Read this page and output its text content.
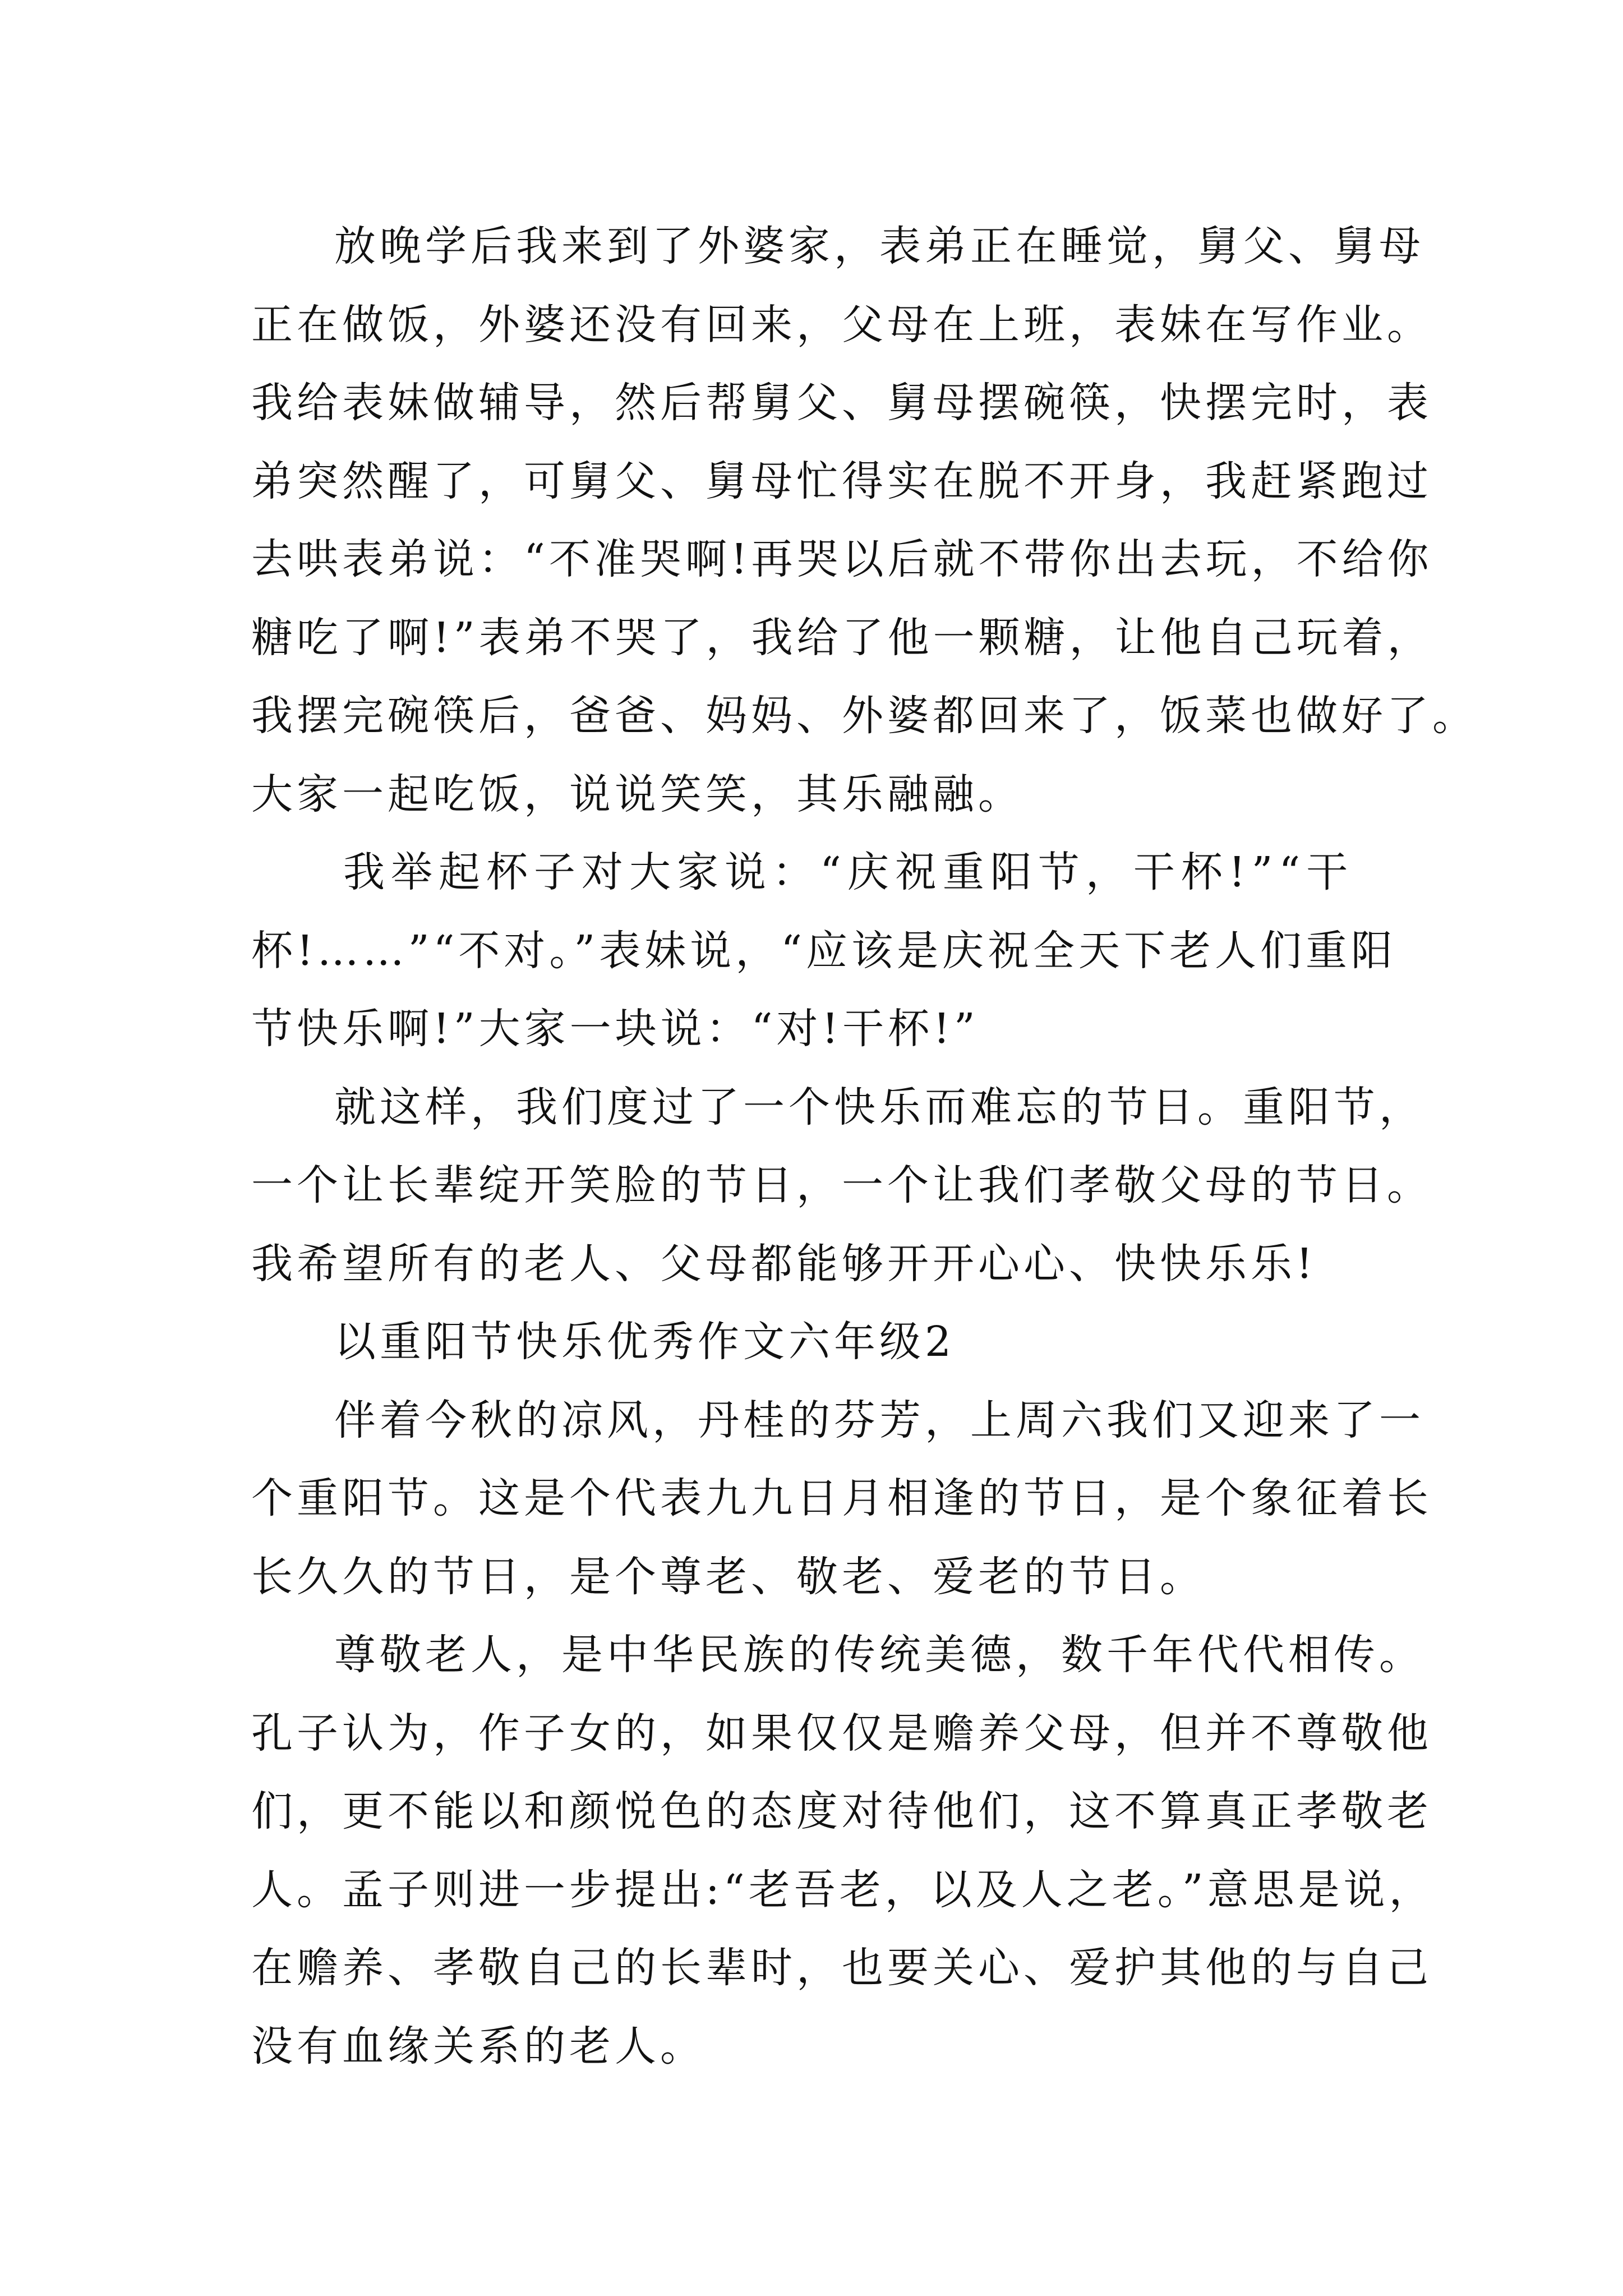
放晚学后我来到了外婆家，表弟正在睡觉，舅父、舅母
正在做饭，外婆还没有回来，父母在上班，表妹在写作业。
我给表妹做辅导，然后帮舅父、舅母摆碗筷，快摆完时，表
弟突然醒了，可舅父、舅母忙得实在脱不开身，我赶紧跑过
去哄表弟说：“不准哭啊!再哭以后就不带你出去玩，不给你
糖吃了啊!”表弟不哭了，我给了他一颗糖，让他自己玩着，
我摆完碗筷后，爸爸、妈妈、外婆都回来了，饭菜也做好了。
大家一起吃饭，说说笑笑，其乐融融。

我举起杯子对大家说：“庆祝重阳节，干杯!”“干
杯!……”“不对。”表妹说，“应该是庆祝全天下老人们重阳
节快乐啊!”大家一块说：“对!干杯!”

就这样，我们度过了一个快乐而难忘的节日。重阳节，
一个让长辈绽开笑脸的节日，一个让我们孝敬父母的节日。
我希望所有的老人、父母都能够开开心心、快快乐乐!

以重阳节快乐优秀作文六年级2

伴着今秋的凉风，丹桂的芬芳，上周六我们又迎来了一
个重阳节。这是个代表九九日月相逢的节日，是个象征着长
长久久的节日，是个尊老、敬老、爱老的节日。

尊敬老人，是中华民族的传统美德，数千年代代相传。
孔子认为，作子女的，如果仅仅是赡养父母，但并不尊敬他
们，更不能以和颜悦色的态度对待他们，这不算真正孝敬老
人。孟子则进一步提出:“老吾老，以及人之老。”意思是说，
在赡养、孝敬自己的长辈时，也要关心、爱护其他的与自己
没有血缘关系的老人。
